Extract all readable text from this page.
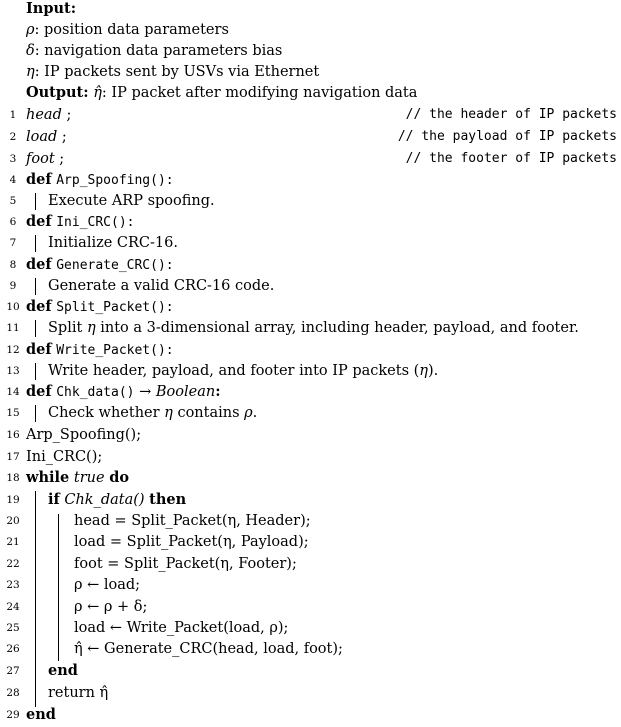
Input:
ρ: position data parameters
δ: navigation data parameters bias
η: IP packets sent by USVs via Ethernet
Output: η̂: IP packet after modifying navigation data
1 head ;	// the header of IP packets
2 load ;	// the payload of IP packets
3 foot ;	// the footer of IP packets
4 def Arp_Spoofing():
5 Execute ARP spoofing.
6 def Ini_CRC():
7 Initialize CRC-16.
8 def Generate_CRC():
9 Generate a valid CRC-16 code.
10 def Split_Packet():
11 Split η into a 3-dimensional array, including header, payload, and footer.
12 def Write_Packet():
13 Write header, payload, and footer into IP packets (η).
14 def Chk_data() → Boolean:
15 Check whether η contains ρ.
16 Arp_Spoofing();
17 Ini_CRC();
18 while true do
19 if Chk_data() then
20	head = Split_Packet(η, Header);
21	load = Split_Packet(η, Payload);
22	foot = Split_Packet(η, Footer);
23	ρ ← load;
24	ρ ← ρ + δ;
25	load ← Write_Packet(load, ρ);
26	η̂ ← Generate_CRC(head, load, foot);
27 end
28 return η̂
29 end
